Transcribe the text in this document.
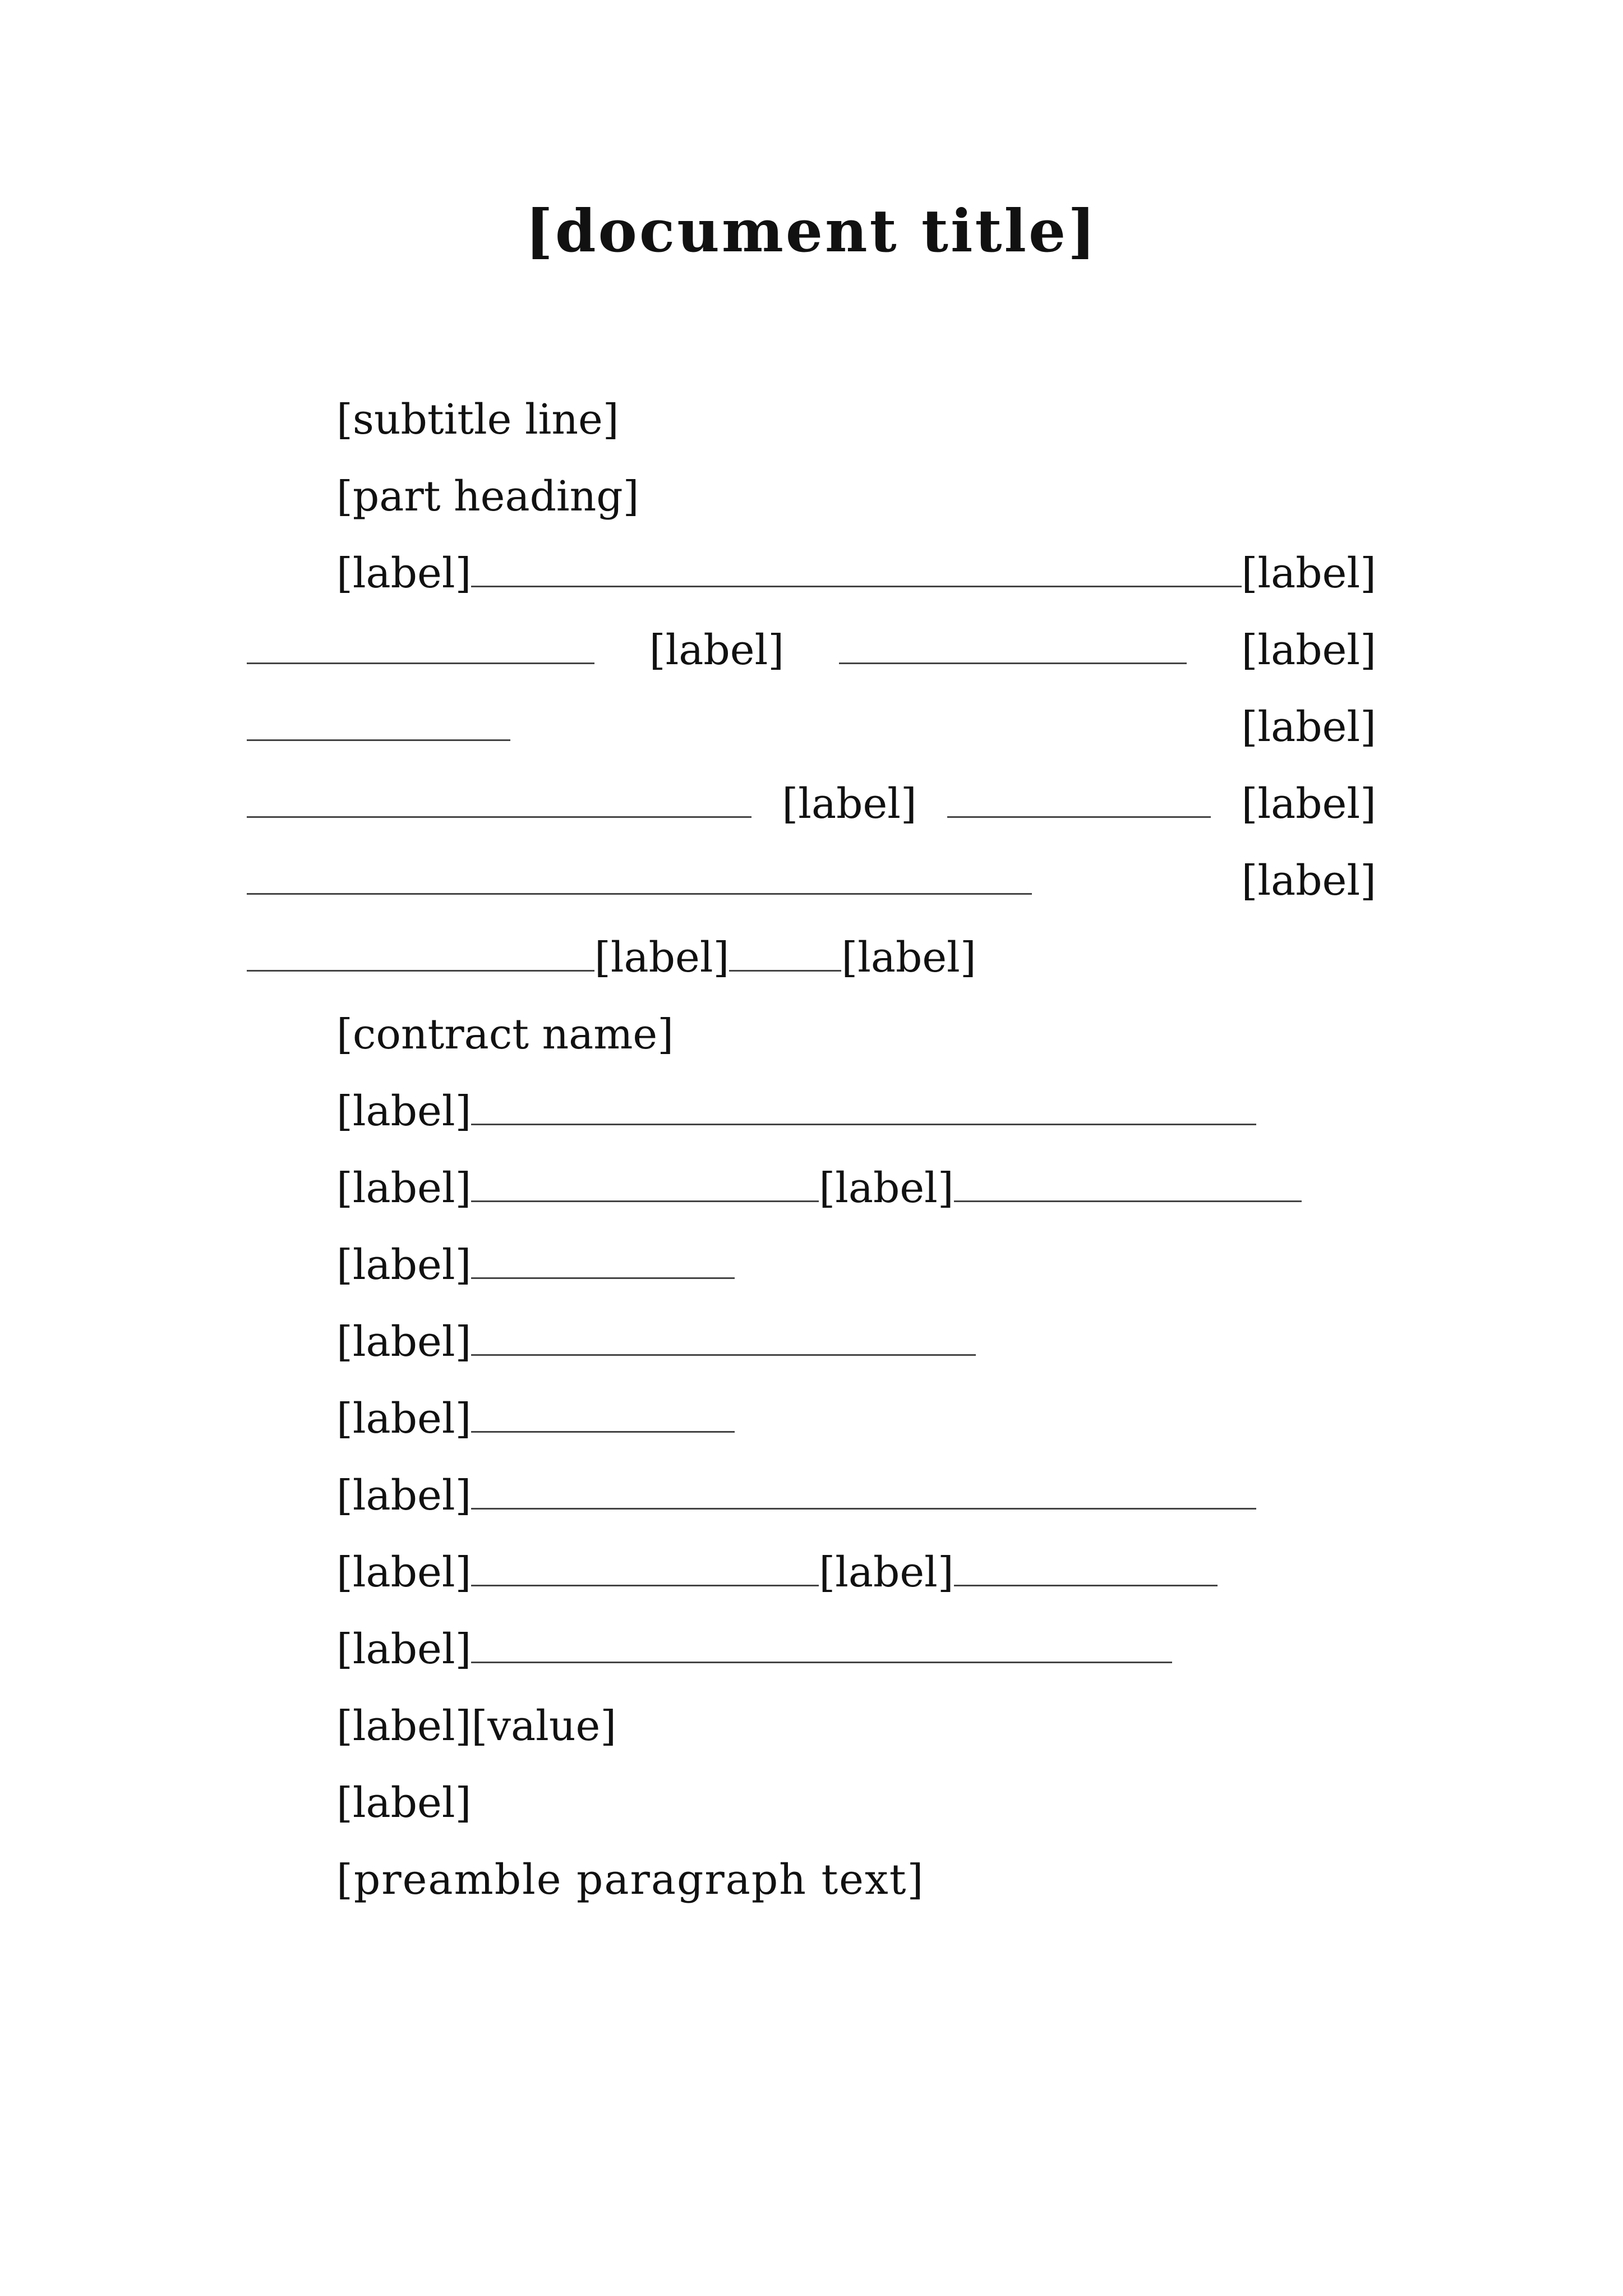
[document title]
[subtitle line]
[part heading]
[label]	[label]
[label]	[label]
[label]
[label]	[label]
[label]
[label]	[label]
[contract name]
[label]
[label]	[label]
[label]
[label]
[label]
[label]
[label]	[label]
[label]
[label][value]
[label]

[preamble paragraph text]
